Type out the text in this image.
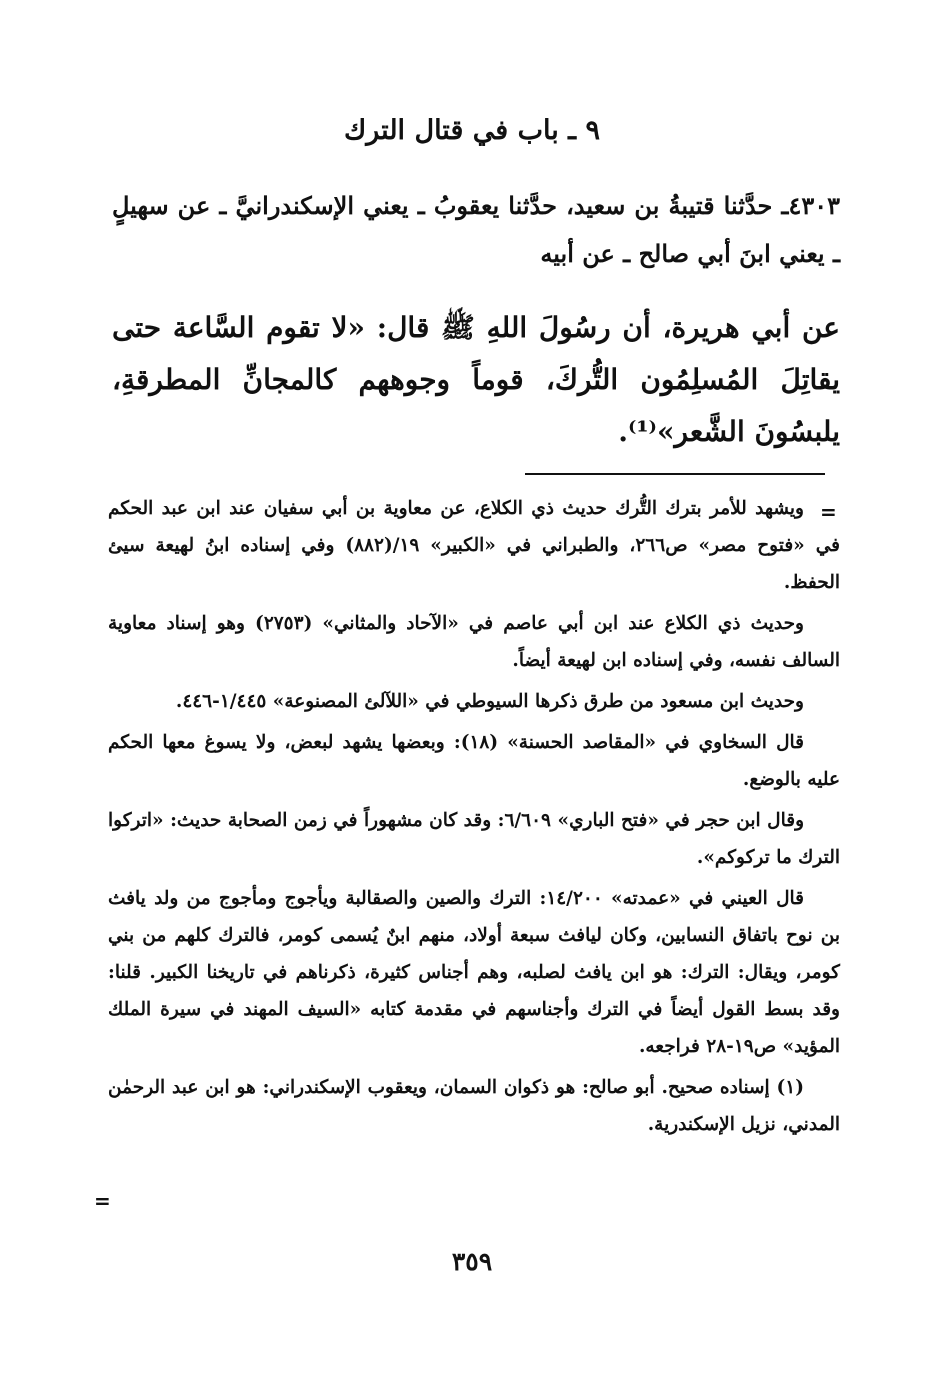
٩ ـ باب في قتال الترك

٤٣٠٣ـ حدَّثنا قتيبةُ بن سعيد، حدَّثنا يعقوبُ ـ يعني الإسكندرانيَّ ـ عن سهيلٍ ـ يعني ابنَ أبي صالح ـ عن أبيه

عن أبي هريرة، أن رسُولَ اللهِ ﷺ قال: «لا تقوم السَّاعة حتى يقاتِلَ المُسلِمُون التُّركَ، قوماً وجوههم كالمجانِّ المطرقةِ، يلبسُونَ الشَّعر»⁽¹⁾.

=

ويشهد للأمر بترك التُّرك حديث ذي الكلاع، عن معاوية بن أبي سفيان عند ابن عبد الحكم في «فتوح مصر» ص٢٦٦، والطبراني في «الكبير» ١٩/(٨٨٢) وفي إسناده ابنُ لهيعة سيئ الحفظ.

وحديث ذي الكلاع عند ابن أبي عاصم في «الآحاد والمثاني» (٢٧٥٣) وهو إسناد معاوية السالف نفسه، وفي إسناده ابن لهيعة أيضاً.

وحديث ابن مسعود من طرق ذكرها السيوطي في «اللآلئ المصنوعة» ١/٤٤٥-٤٤٦.

قال السخاوي في «المقاصد الحسنة» (١٨): وبعضها يشهد لبعض، ولا يسوغ معها الحكم عليه بالوضع.

وقال ابن حجر في «فتح الباري» ٦/٦٠٩: وقد كان مشهوراً في زمن الصحابة حديث: «اتركوا الترك ما تركوكم».

قال العيني في «عمدته» ١٤/٢٠٠: الترك والصين والصقالبة ويأجوج ومأجوج من ولد يافث بن نوح باتفاق النسابين، وكان ليافث سبعة أولاد، منهم ابنٌ يُسمى كومر، فالترك كلهم من بني كومر، ويقال: الترك: هو ابن يافث لصلبه، وهم أجناس كثيرة، ذكرناهم في تاريخنا الكبير. قلنا: وقد بسط القول أيضاً في الترك وأجناسهم في مقدمة كتابه «السيف المهند في سيرة الملك المؤيد» ص١٩-٢٨ فراجعه.

(١) إسناده صحيح. أبو صالح: هو ذكوان السمان، ويعقوب الإسكندراني: هو ابن عبد الرحمٰن المدني، نزيل الإسكندرية.

=
٣٥٩
